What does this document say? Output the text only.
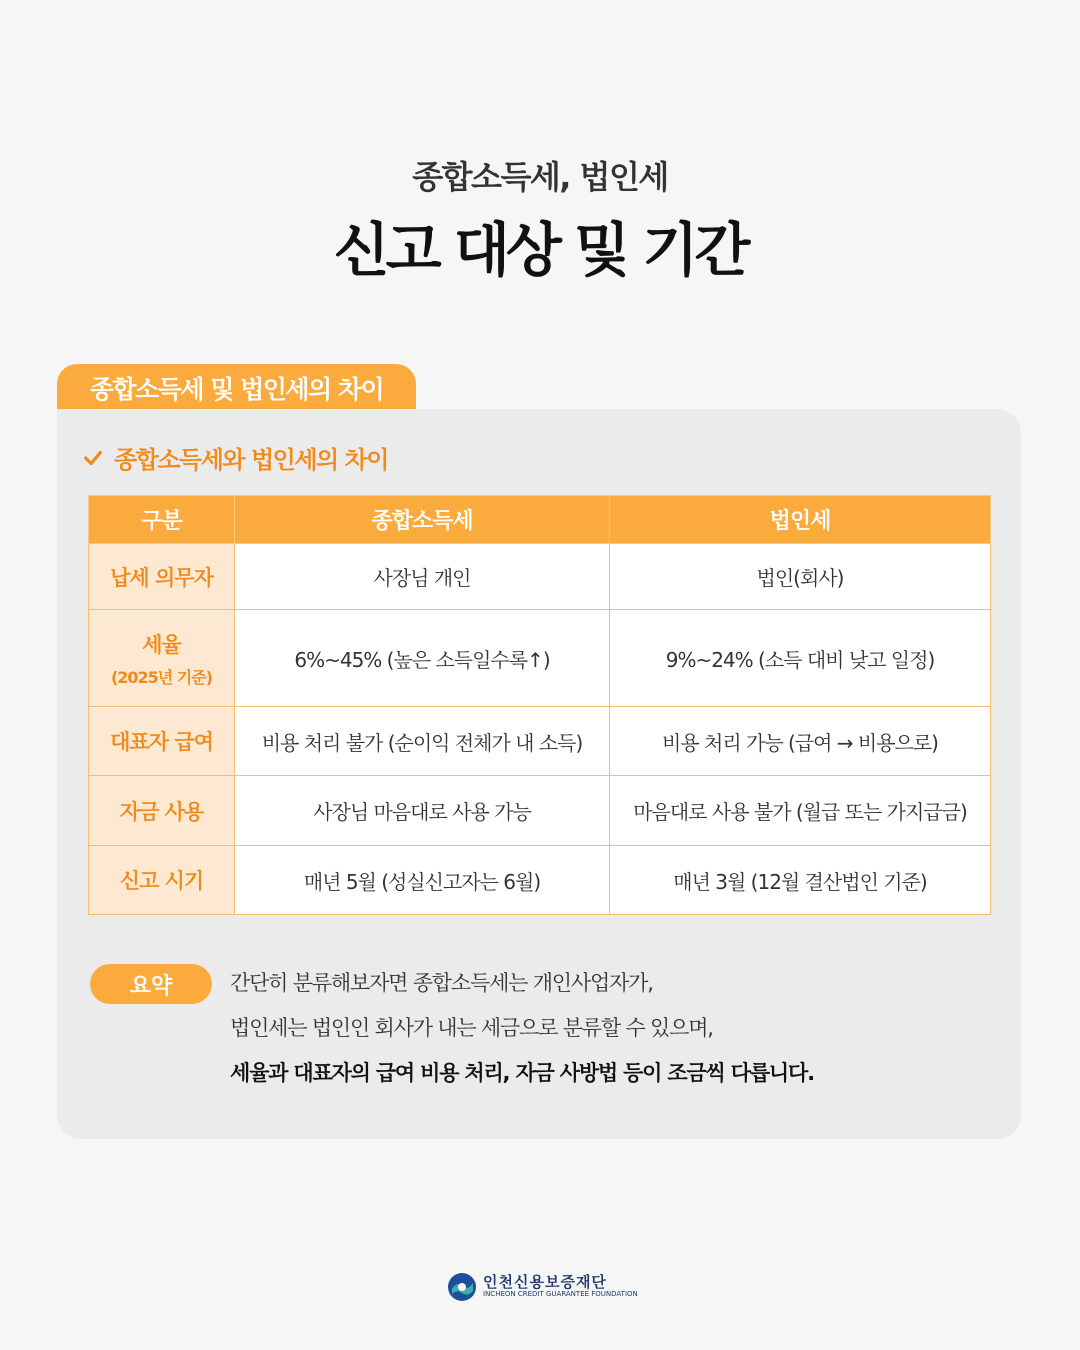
종합소득세, 법인세
신고 대상 및 기간
종합소득세 및 법인세의 차이
종합소득세와 법인세의 차이
구분	종합소득세	법인세
납세 의무자	사장님 개인	법인(회사)
세율
(2025년 기준)	6%~45% (높은 소득일수록↑)	9%~24% (소득 대비 낮고 일정)
대표자 급여	비용 처리 불가 (순이익 전체가 내 소득)	비용 처리 가능 (급여 → 비용으로)
자금 사용	사장님 마음대로 사용 가능	마음대로 사용 불가 (월급 또는 가지급금)
신고 시기	매년 5월 (성실신고자는 6월)	매년 3월 (12월 결산법인 기준)
요약	간단히 분류해보자면 종합소득세는 개인사업자가,

법인세는 법인인 회사가 내는 세금으로 분류할 수 있으며,

세율과 대표자의 급여 비용 처리, 자금 사방법 등이 조금씩 다릅니다.

인천신용보증재단
INCHEON CREDIT GUARANTEE FOUNDATION
